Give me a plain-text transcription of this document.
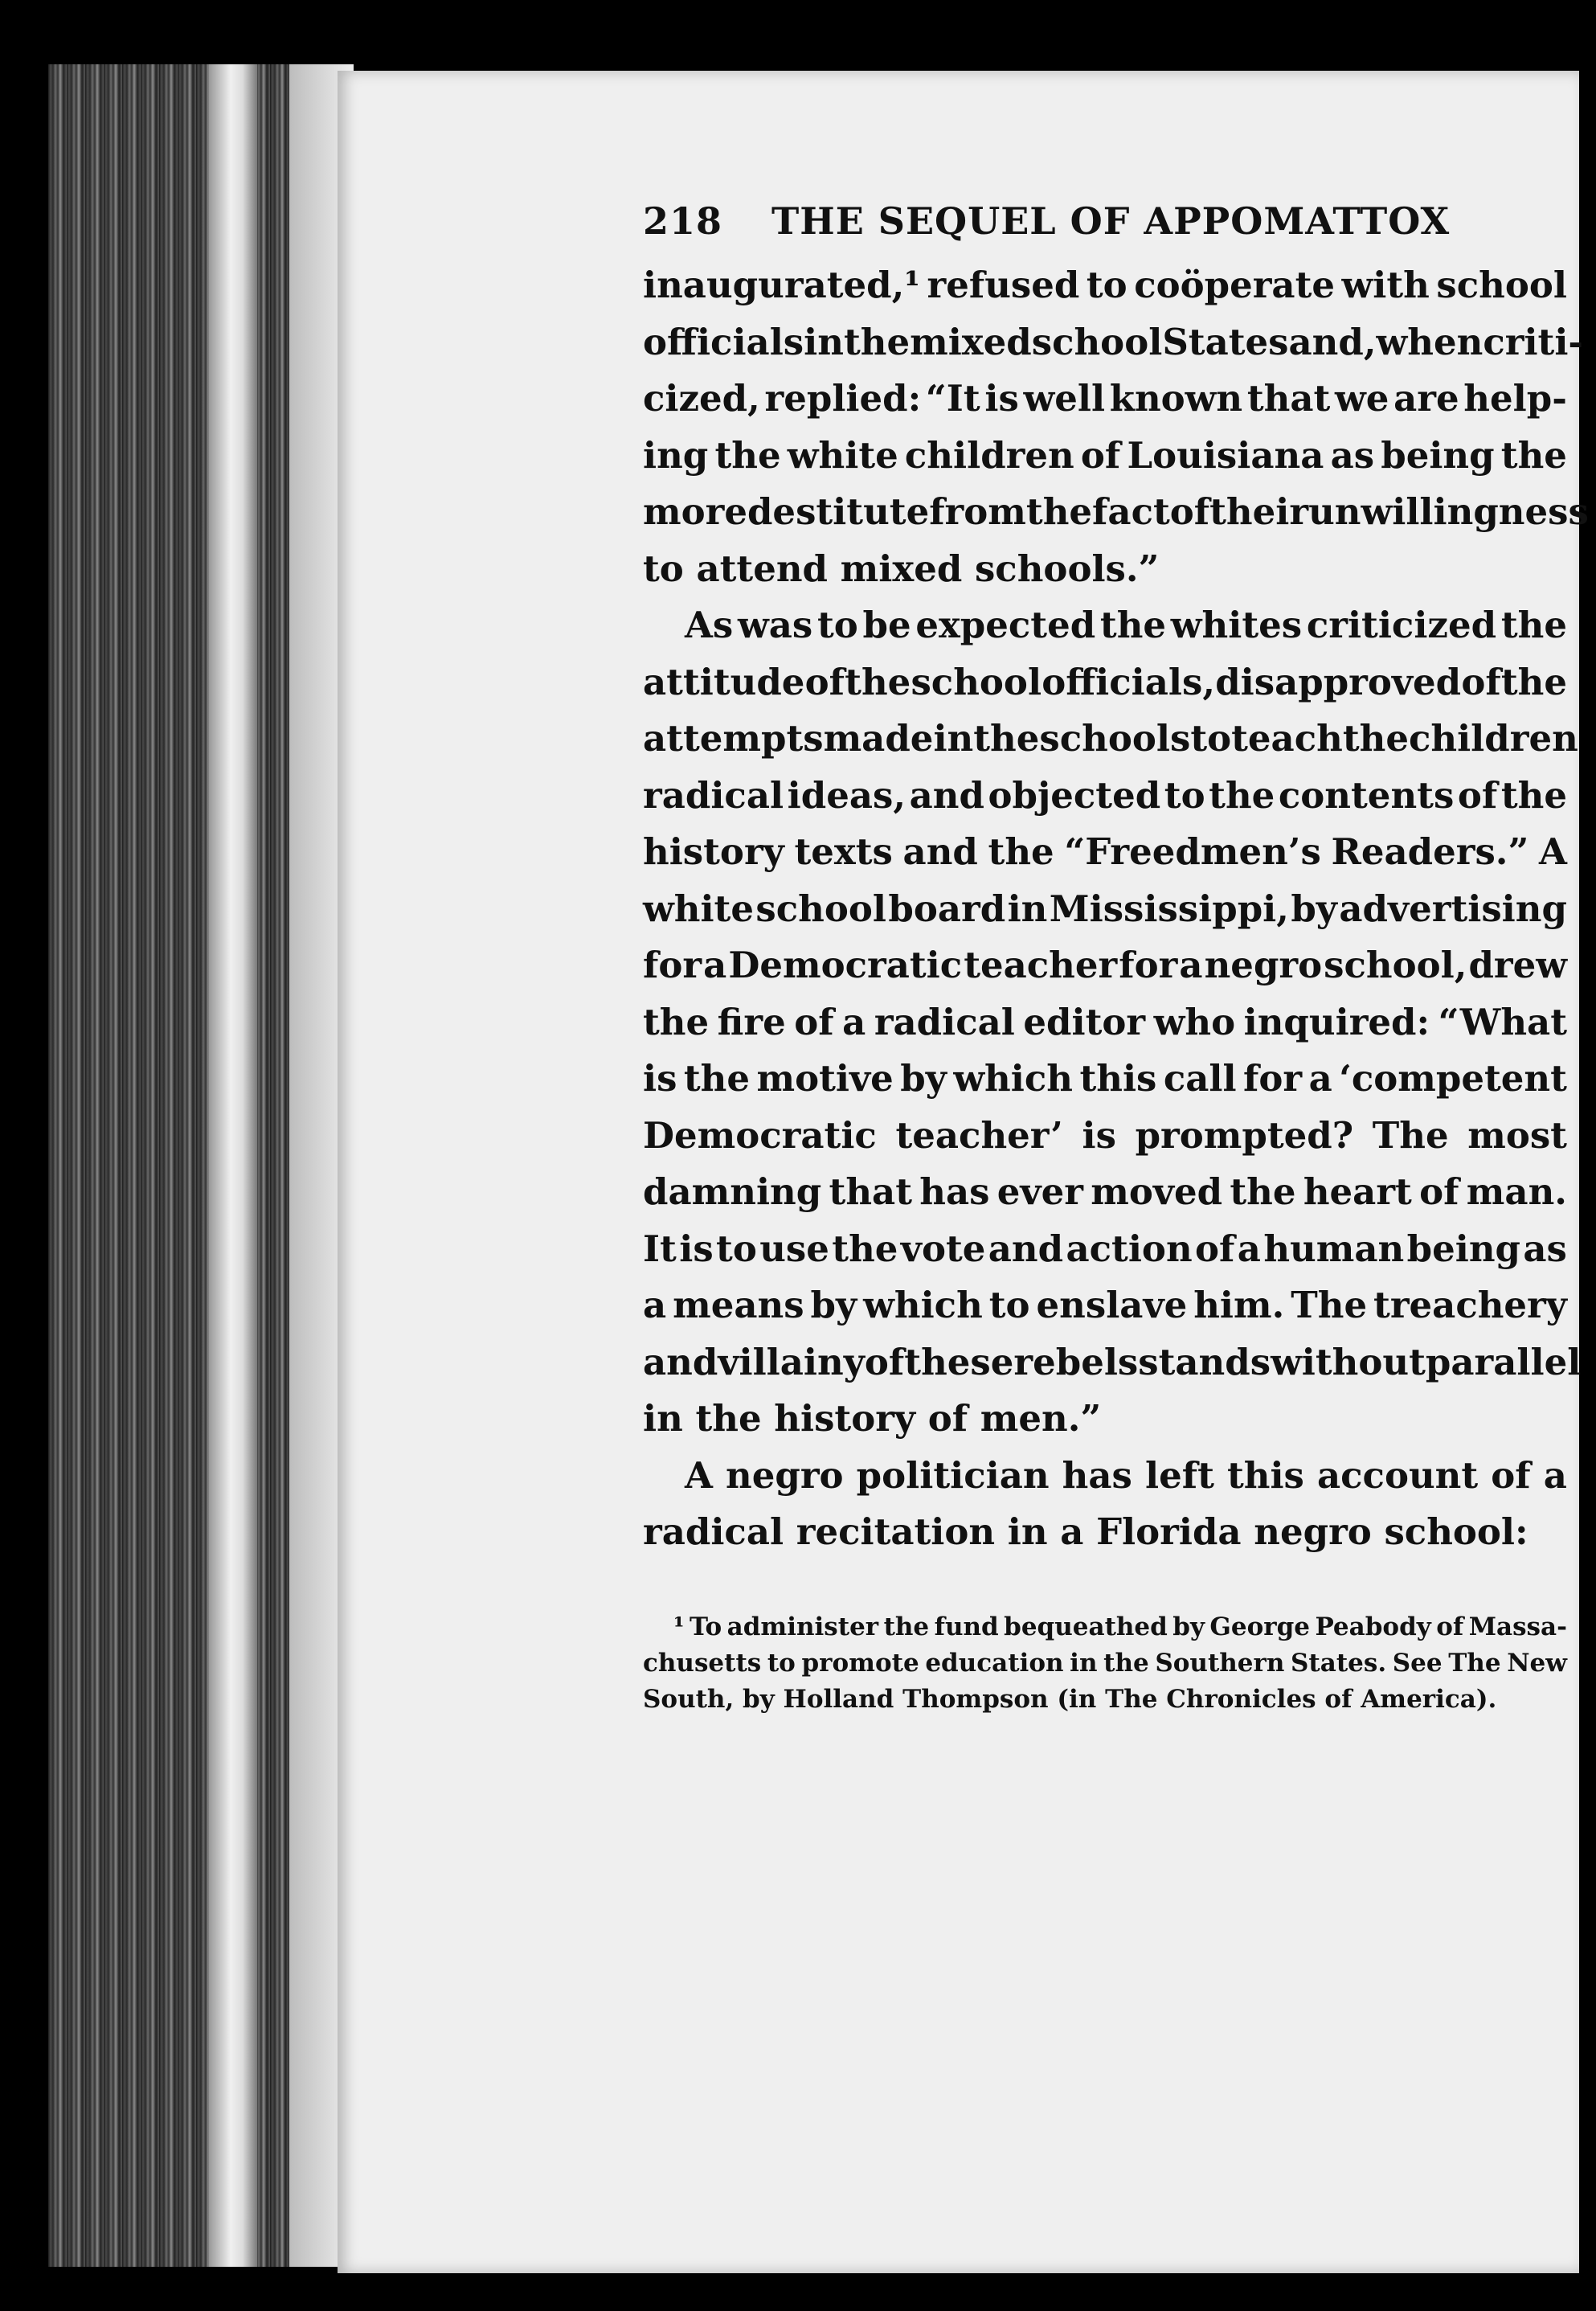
218	THE SEQUEL OF APPOMATTOX
inaugurated,¹ refused to coöperate with school
officials in the mixed school States and, when criti-
cized, replied: “It is well known that we are help-
ing the white children of Louisiana as being the
more destitute from the fact of their unwillingness
to attend mixed schools.”
As was to be expected the whites criticized the
attitude of the school officials, disapproved of the
attempts made in the schools to teach the children
radical ideas, and objected to the contents of the
history texts and the “Freedmen’s Readers.” A
white school board in Mississippi, by advertising
for a Democratic teacher for a negro school, drew
the fire of a radical editor who inquired: “What
is the motive by which this call for a ‘competent
Democratic teacher’ is prompted? The most
damning that has ever moved the heart of man.
It is to use the vote and action of a human being as
a means by which to enslave him. The treachery
and villainy of these rebels stands without parallel
in the history of men.”
A negro politician has left this account of a
radical recitation in a Florida negro school:
¹ To administer the fund bequeathed by George Peabody of Massa-
chusetts to promote education in the Southern States. See The New
South, by Holland Thompson (in The Chronicles of America).
